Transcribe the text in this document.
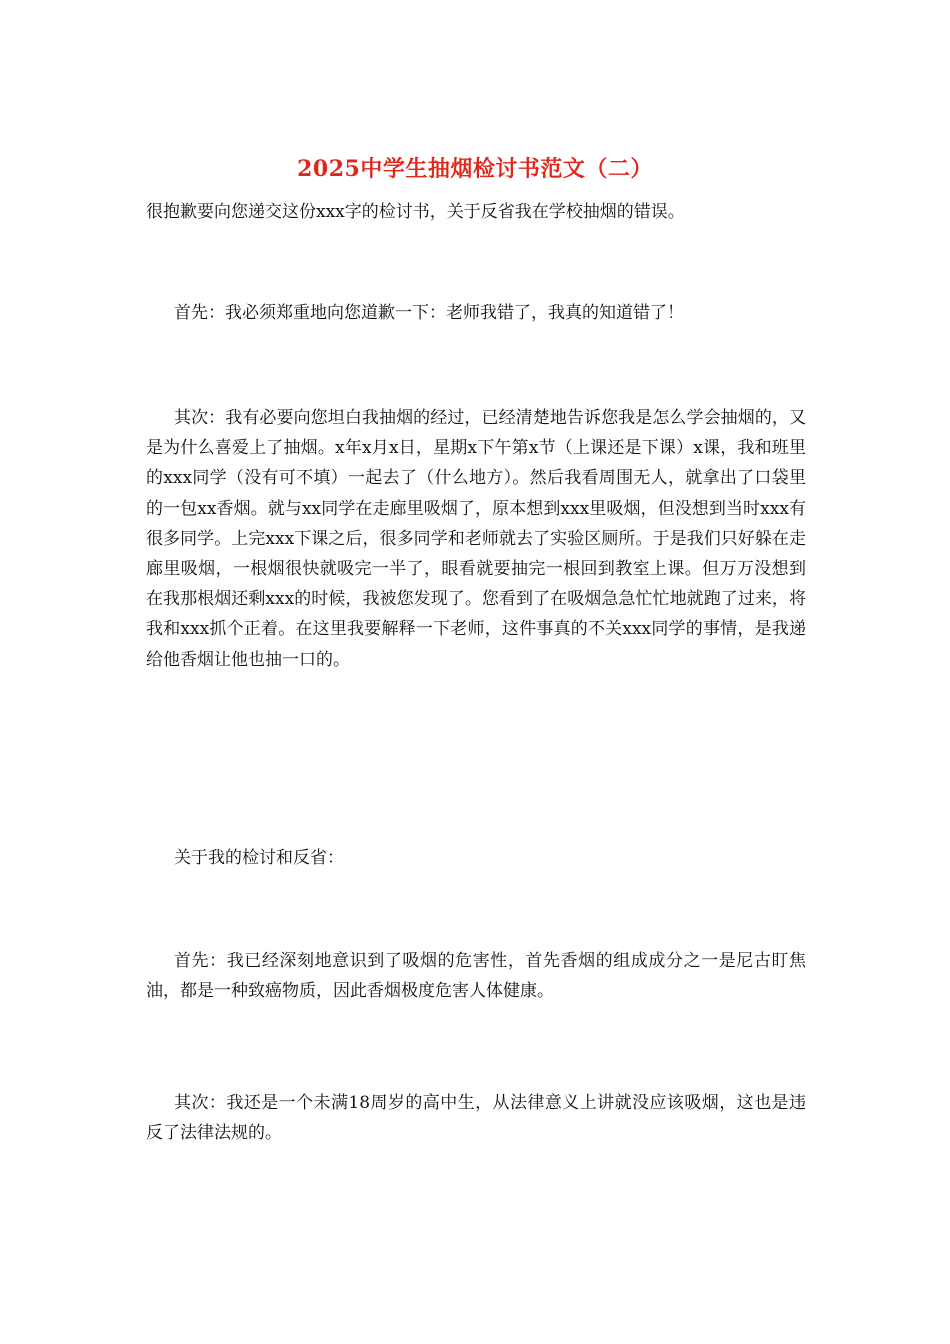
2025中学生抽烟检讨书范文（二）

很抱歉要向您递交这份xxx字的检讨书，关于反省我在学校抽烟的错误。

首先：我必须郑重地向您道歉一下：老师我错了，我真的知道错了！

其次：我有必要向您坦白我抽烟的经过，已经清楚地告诉您我是怎么学会抽烟的，又是为什么喜爱上了抽烟。x年x月x日，星期x下午第x节（上课还是下课）x课，我和班里的xxx同学（没有可不填）一起去了（什么地方）。然后我看周围无人，就拿出了口袋里的一包xx香烟。就与xx同学在走廊里吸烟了，原本想到xxx里吸烟，但没想到当时xxx有很多同学。上完xxx下课之后，很多同学和老师就去了实验区厕所。于是我们只好躲在走廊里吸烟，一根烟很快就吸完一半了，眼看就要抽完一根回到教室上课。但万万没想到在我那根烟还剩xxx的时候，我被您发现了。您看到了在吸烟急急忙忙地就跑了过来，将我和xxx抓个正着。在这里我要解释一下老师，这件事真的不关xxx同学的事情，是我递给他香烟让他也抽一口的。

关于我的检讨和反省：

首先：我已经深刻地意识到了吸烟的危害性，首先香烟的组成成分之一是尼古盯焦油，都是一种致癌物质，因此香烟极度危害人体健康。

其次：我还是一个未满18周岁的高中生，从法律意义上讲就没应该吸烟，这也是违反了法律法规的。
